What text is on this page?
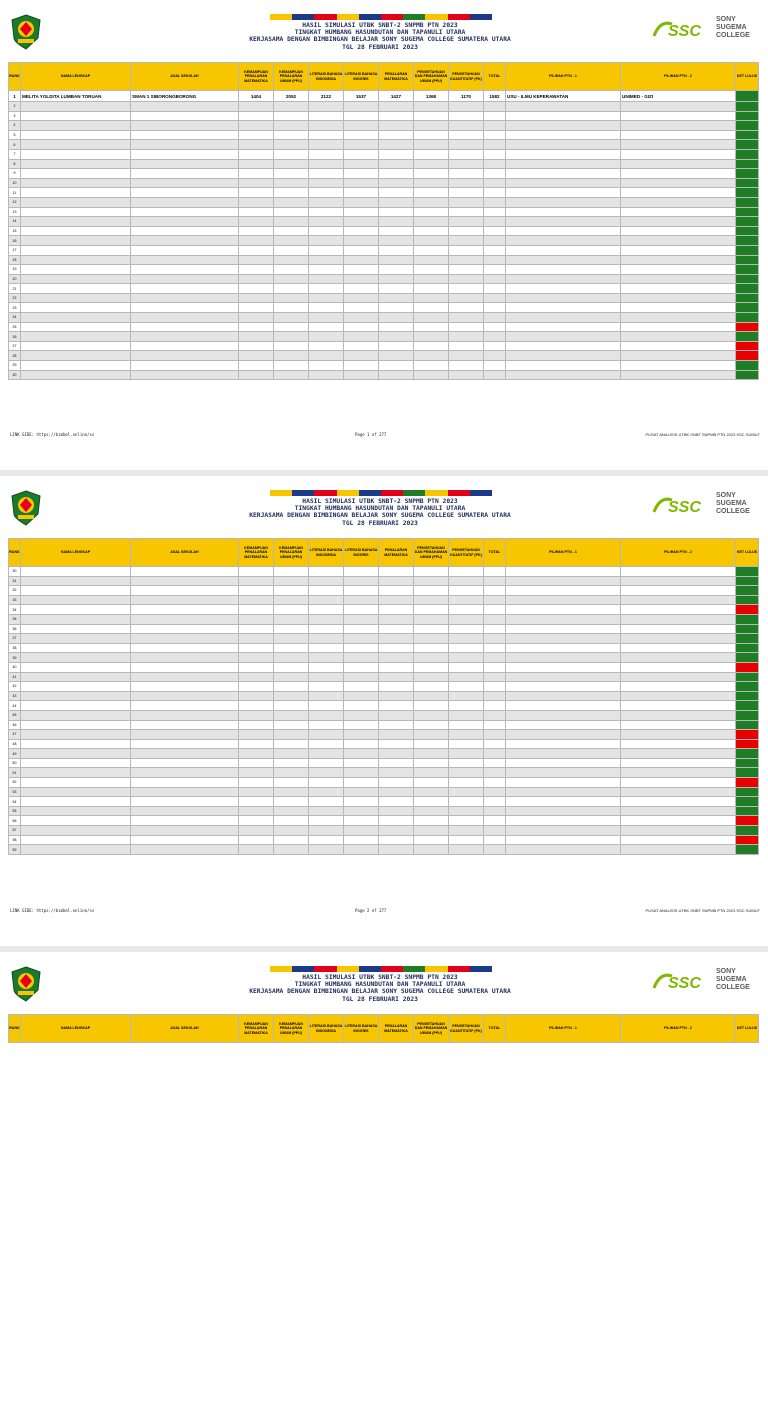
HASIL SIMULASI UTBK SNBT-2 SNPMB PTN 2023
TINGKAT HUMBANG HASUNDUTAN DAN TAPANULI UTARA
KERJASAMA DENGAN BIMBINGAN BELAJAR SONY SUGEMA COLLEGE SUMATERA UTARA
TGL 28 FEBRUARI 2023
SSC
SONY SUGEMA COLLEGE
RANK	NAMA LENGKAP	ASAL SEKOLAH	KEMAMPUAN PENALARAN MATEMATIKA	KEMAMPUAN PENALARAN UMUM (PPU)	LITERASI BAHASA INDONESIA	LITERASI BAHASA INGGRIS	PENALARAN MATEMATIKA	PENGETAHUAN DAN PEMAHAMAN UMUM (PPU)	PENGETAHUAN KUANTITATIF (PK)	TOTAL	PILIHAN PTN - 1	PILIHAN PTN - 2	KET LULUS
1	MELITA YOLDITA LUMBAN TORUAN	SMAN 1 SIBORONGBORONG	1404	2052	2122	1537	1427	1368	1170	1582	USU - ILMU KEPERAWATAN	UNIMED - GIZI	
2													
3													
4													
5													
6													
7													
8													
9													
10													
11													
12													
13													
14													
15													
16													
17													
18													
19													
20													
21													
22													
23													
24													
25													
26													
27													
28													
29													
30													
LINK GIDE: https://bimbel.online/ss	Page 1 of 277	PUSAT ANALISIS UTBK SNBT SNPMB PTN 2023 SSC SUMUT
HASIL SIMULASI UTBK SNBT-2 SNPMB PTN 2023
TINGKAT HUMBANG HASUNDUTAN DAN TAPANULI UTARA
KERJASAMA DENGAN BIMBINGAN BELAJAR SONY SUGEMA COLLEGE SUMATERA UTARA
TGL 28 FEBRUARI 2023
SSC
SONY SUGEMA COLLEGE
RANK	NAMA LENGKAP	ASAL SEKOLAH	KEMAMPUAN PENALARAN MATEMATIKA	KEMAMPUAN PENALARAN UMUM (PPU)	LITERASI BAHASA INDONESIA	LITERASI BAHASA INGGRIS	PENALARAN MATEMATIKA	PENGETAHUAN DAN PEMAHAMAN UMUM (PPU)	PENGETAHUAN KUANTITATIF (PK)	TOTAL	PILIHAN PTN - 1	PILIHAN PTN - 2	KET LULUS
30													
31													
32													
33													
34													
35													
36													
37													
38													
39													
40													
41													
42													
43													
44													
45													
46													
47													
48													
49													
50													
51													
52													
53													
54													
55													
56													
57													
58													
59													
LINK GIDE: https://bimbel.online/ss	Page 2 of 277	PUSAT ANALISIS UTBK SNBT SNPMB PTN 2023 SSC SUMUT
HASIL SIMULASI UTBK SNBT-2 SNPMB PTN 2023
TINGKAT HUMBANG HASUNDUTAN DAN TAPANULI UTARA
KERJASAMA DENGAN BIMBINGAN BELAJAR SONY SUGEMA COLLEGE SUMATERA UTARA
TGL 28 FEBRUARI 2023
SSC
SONY SUGEMA COLLEGE
RANK	NAMA LENGKAP	ASAL SEKOLAH	KEMAMPUAN PENALARAN MATEMATIKA	KEMAMPUAN PENALARAN UMUM (PPU)	LITERASI BAHASA INDONESIA	LITERASI BAHASA INGGRIS	PENALARAN MATEMATIKA	PENGETAHUAN DAN PEMAHAMAN UMUM (PPU)	PENGETAHUAN KUANTITATIF (PK)	TOTAL	PILIHAN PTN - 1	PILIHAN PTN - 2	KET LULUS
